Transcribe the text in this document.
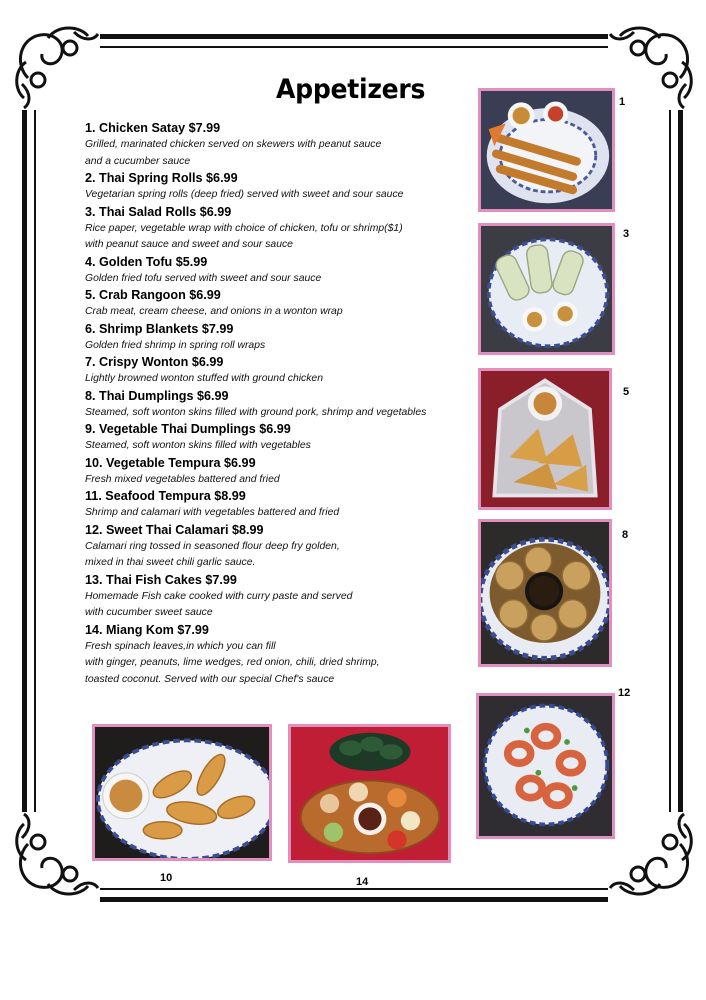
Appetizers
1. Chicken Satay $7.99
Grilled, marinated chicken served on skewers with peanut sauce
and a cucumber sauce
2. Thai Spring Rolls $6.99
Vegetarian spring rolls (deep fried) served with sweet and sour sauce
3. Thai Salad Rolls $6.99
Rice paper, vegetable wrap with choice of chicken, tofu or shrimp($1)
with peanut sauce and sweet and sour sauce
4. Golden Tofu $5.99
Golden fried tofu served with sweet and sour sauce
5. Crab Rangoon $6.99
Crab meat, cream cheese, and onions in a wonton wrap
6. Shrimp Blankets $7.99
Golden fried shrimp in spring roll wraps
7. Crispy Wonton $6.99
Lightly browned wonton stuffed with ground chicken
8. Thai Dumplings $6.99
Steamed, soft wonton skins filled with ground pork, shrimp and vegetables
9. Vegetable Thai Dumplings $6.99
Steamed, soft wonton skins filled with vegetables
10. Vegetable Tempura $6.99
Fresh mixed vegetables battered and fried
11. Seafood Tempura $8.99
Shrimp and calamari with vegetables battered and fried
12. Sweet Thai Calamari $8.99
Calamari ring tossed in seasoned flour deep fry golden,
mixed in thai sweet chili garlic sauce.
13. Thai Fish Cakes $7.99
Homemade Fish cake cooked with curry paste and served
with cucumber sweet sauce
14. Miang Kom $7.99
Fresh spinach leaves,in which you can fill
with ginger, peanuts, lime wedges, red onion, chili, dried shrimp,
toasted coconut. Served with our special Chef's sauce
1
3
5
8
12
10	14
